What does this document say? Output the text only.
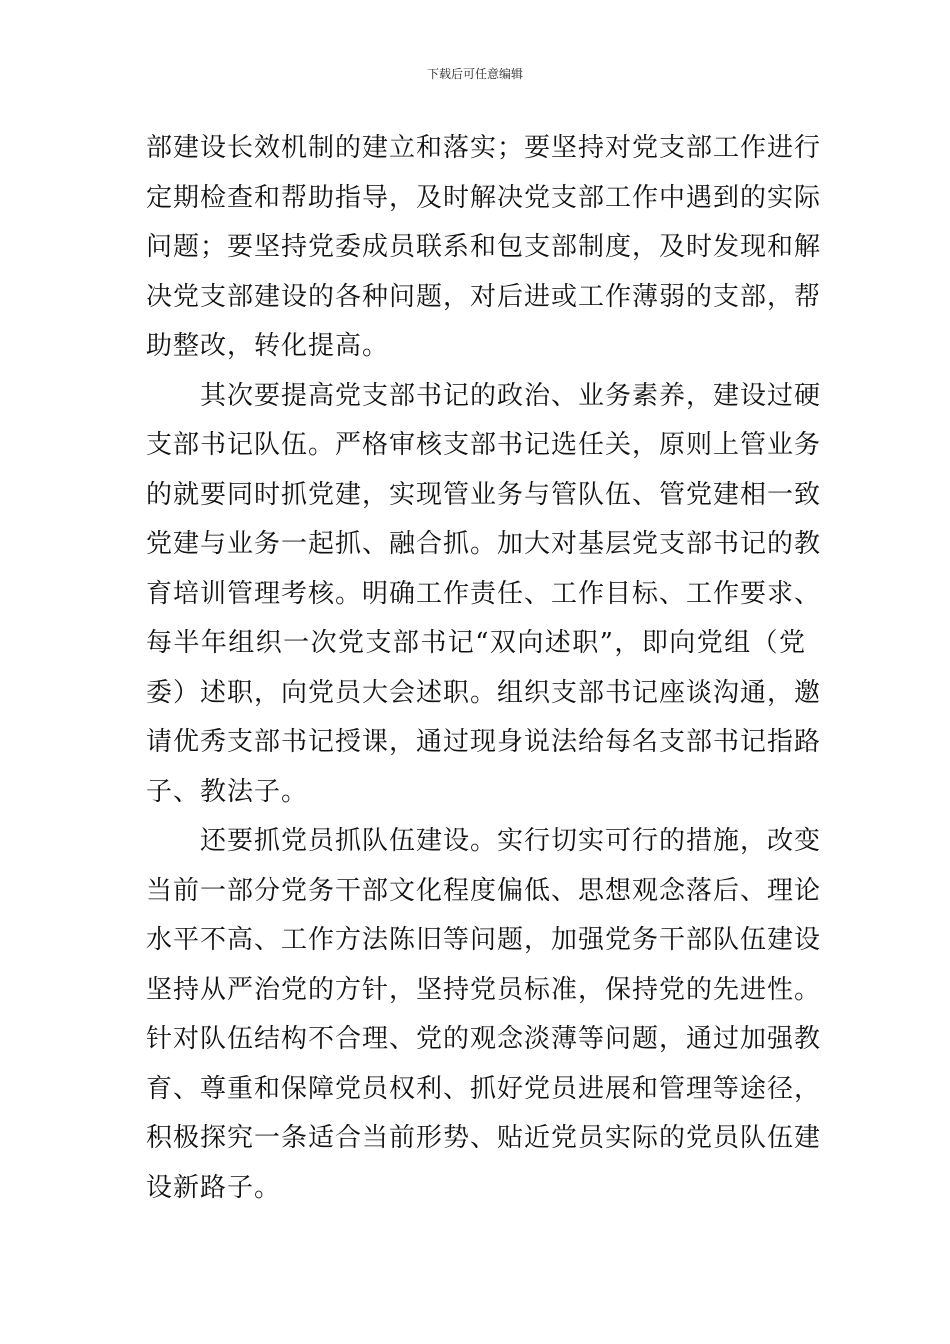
下载后可任意编辑
部建设长效机制的建立和落实；要坚持对党支部工作进行
定期检查和帮助指导，及时解决党支部工作中遇到的实际
问题；要坚持党委成员联系和包支部制度，及时发现和解
决党支部建设的各种问题，对后进或工作薄弱的支部，帮
助整改，转化提高。
其次要提高党支部书记的政治、业务素养，建设过硬
支部书记队伍。严格审核支部书记选任关，原则上管业务
的就要同时抓党建，实现管业务与管队伍、管党建相一致
党建与业务一起抓、融合抓。加大对基层党支部书记的教
育培训管理考核。明确工作责任、工作目标、工作要求、
每半年组织一次党支部书记“双向述职”，即向党组（党
委）述职，向党员大会述职。组织支部书记座谈沟通，邀
请优秀支部书记授课，通过现身说法给每名支部书记指路
子、教法子。
还要抓党员抓队伍建设。实行切实可行的措施，改变
当前一部分党务干部文化程度偏低、思想观念落后、理论
水平不高、工作方法陈旧等问题，加强党务干部队伍建设
坚持从严治党的方针，坚持党员标准，保持党的先进性。
针对队伍结构不合理、党的观念淡薄等问题，通过加强教
育、尊重和保障党员权利、抓好党员进展和管理等途径，
积极探究一条适合当前形势、贴近党员实际的党员队伍建
设新路子。
